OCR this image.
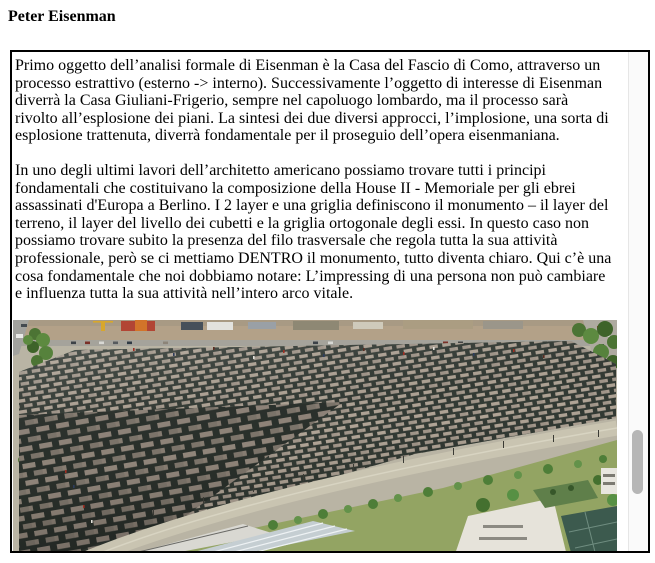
Peter Eisenman

Primo oggetto dell’analisi formale di Eisenman è la Casa del Fascio di Como, attraverso un processo estrattivo (esterno -> interno). Successivamente l’oggetto di interesse di Eisenman diverrà la Casa Giuliani-Frigerio, sempre nel capoluogo lombardo, ma il processo sarà rivolto all’esplosione dei piani. La sintesi dei due diversi approcci, l’implosione, una sorta di esplosione trattenuta, diverrà fondamentale per il proseguio dell’opera eisenmaniana.

In uno degli ultimi lavori dell’architetto americano possiamo trovare tutti i principi fondamentali che costituivano la composizione della House II - Memoriale per gli ebrei assassinati d'Europa a Berlino. I 2 layer e una griglia definiscono il monumento – il layer del terreno, il layer del livello dei cubetti e la griglia ortogonale degli essi. In questo caso non possiamo trovare subito la presenza del filo trasversale che regola tutta la sua attività professionale, però se ci mettiamo DENTRO il monumento, tutto diventa chiaro. Qui c’è una cosa fondamentale che noi dobbiamo notare: L’impressing di una persona non può cambiare e influenza tutta la sua attività nell’intero arco vitale.
